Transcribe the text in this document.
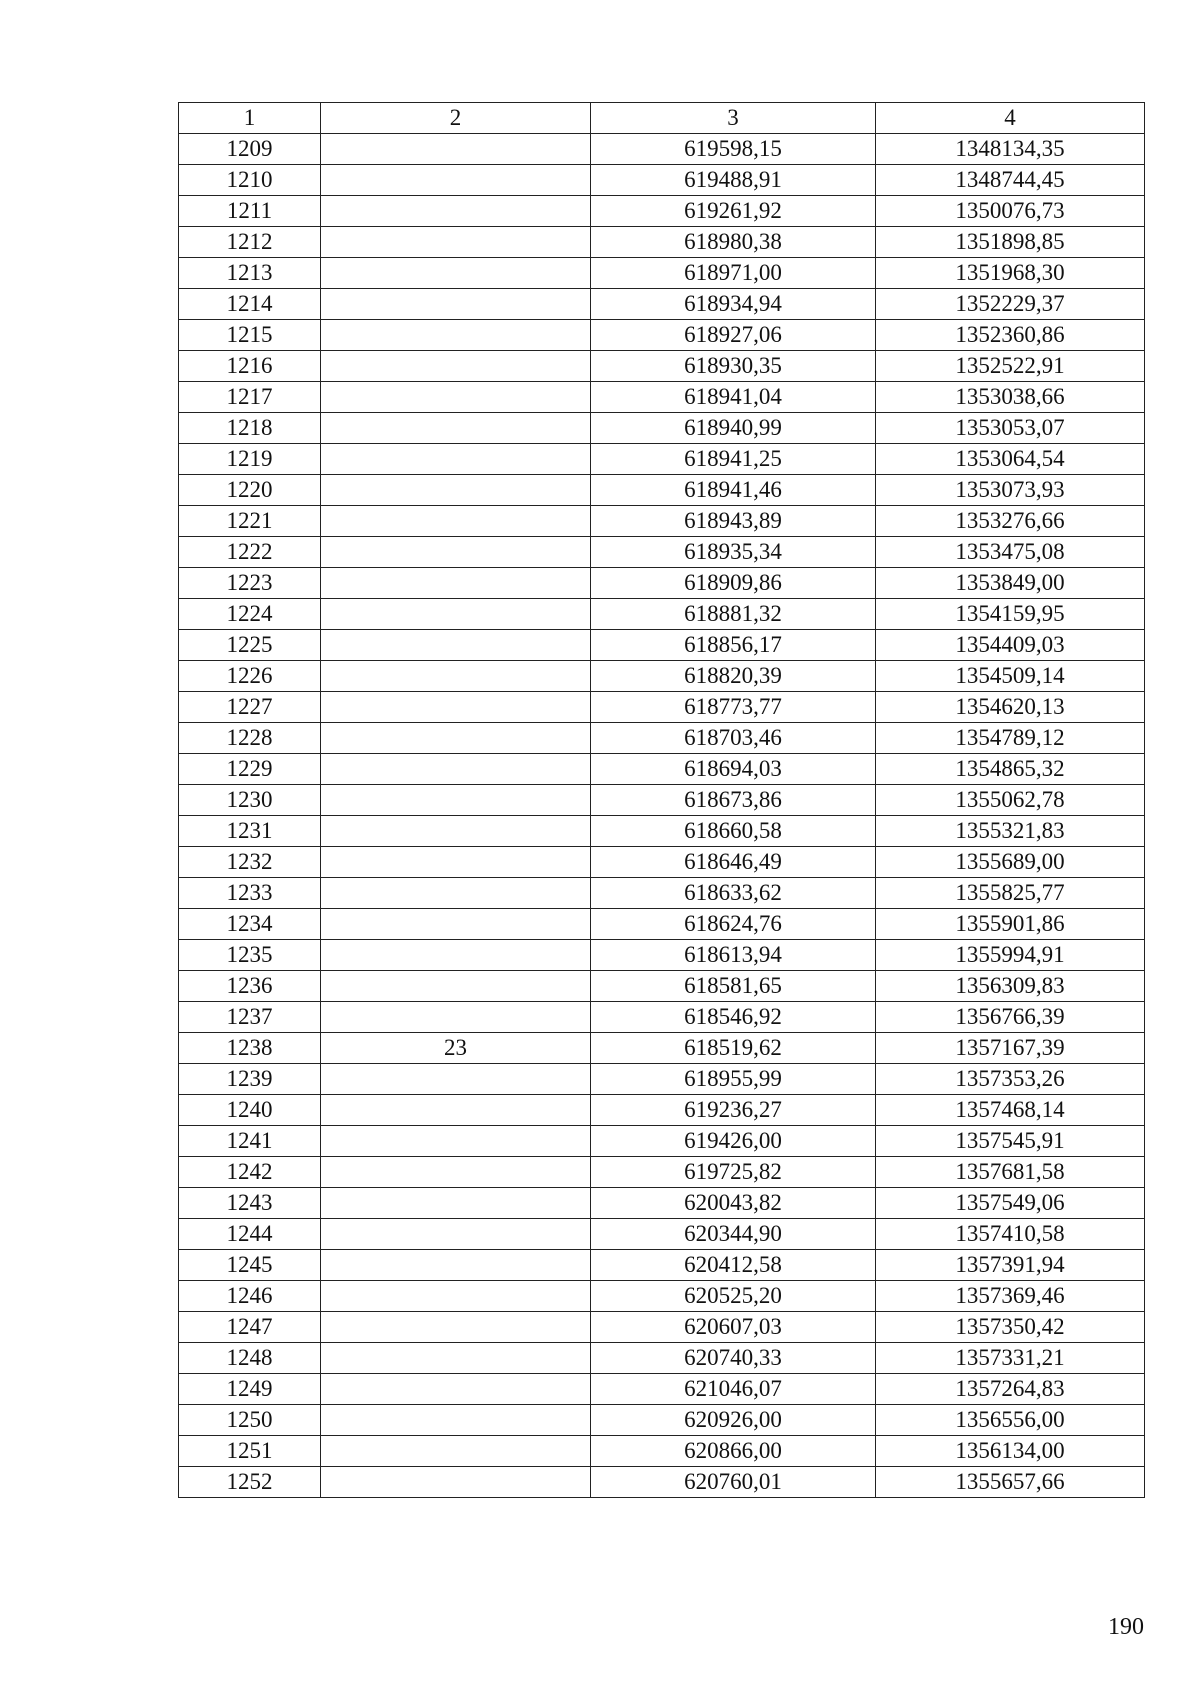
1	2	3	4
1209		619598,15	1348134,35
1210		619488,91	1348744,45
1211		619261,92	1350076,73
1212		618980,38	1351898,85
1213		618971,00	1351968,30
1214		618934,94	1352229,37
1215		618927,06	1352360,86
1216		618930,35	1352522,91
1217		618941,04	1353038,66
1218		618940,99	1353053,07
1219		618941,25	1353064,54
1220		618941,46	1353073,93
1221		618943,89	1353276,66
1222		618935,34	1353475,08
1223		618909,86	1353849,00
1224		618881,32	1354159,95
1225		618856,17	1354409,03
1226		618820,39	1354509,14
1227		618773,77	1354620,13
1228		618703,46	1354789,12
1229		618694,03	1354865,32
1230		618673,86	1355062,78
1231		618660,58	1355321,83
1232		618646,49	1355689,00
1233		618633,62	1355825,77
1234		618624,76	1355901,86
1235		618613,94	1355994,91
1236		618581,65	1356309,83
1237		618546,92	1356766,39
1238	23	618519,62	1357167,39
1239		618955,99	1357353,26
1240		619236,27	1357468,14
1241		619426,00	1357545,91
1242		619725,82	1357681,58
1243		620043,82	1357549,06
1244		620344,90	1357410,58
1245		620412,58	1357391,94
1246		620525,20	1357369,46
1247		620607,03	1357350,42
1248		620740,33	1357331,21
1249		621046,07	1357264,83
1250		620926,00	1356556,00
1251		620866,00	1356134,00
1252		620760,01	1355657,66
190
